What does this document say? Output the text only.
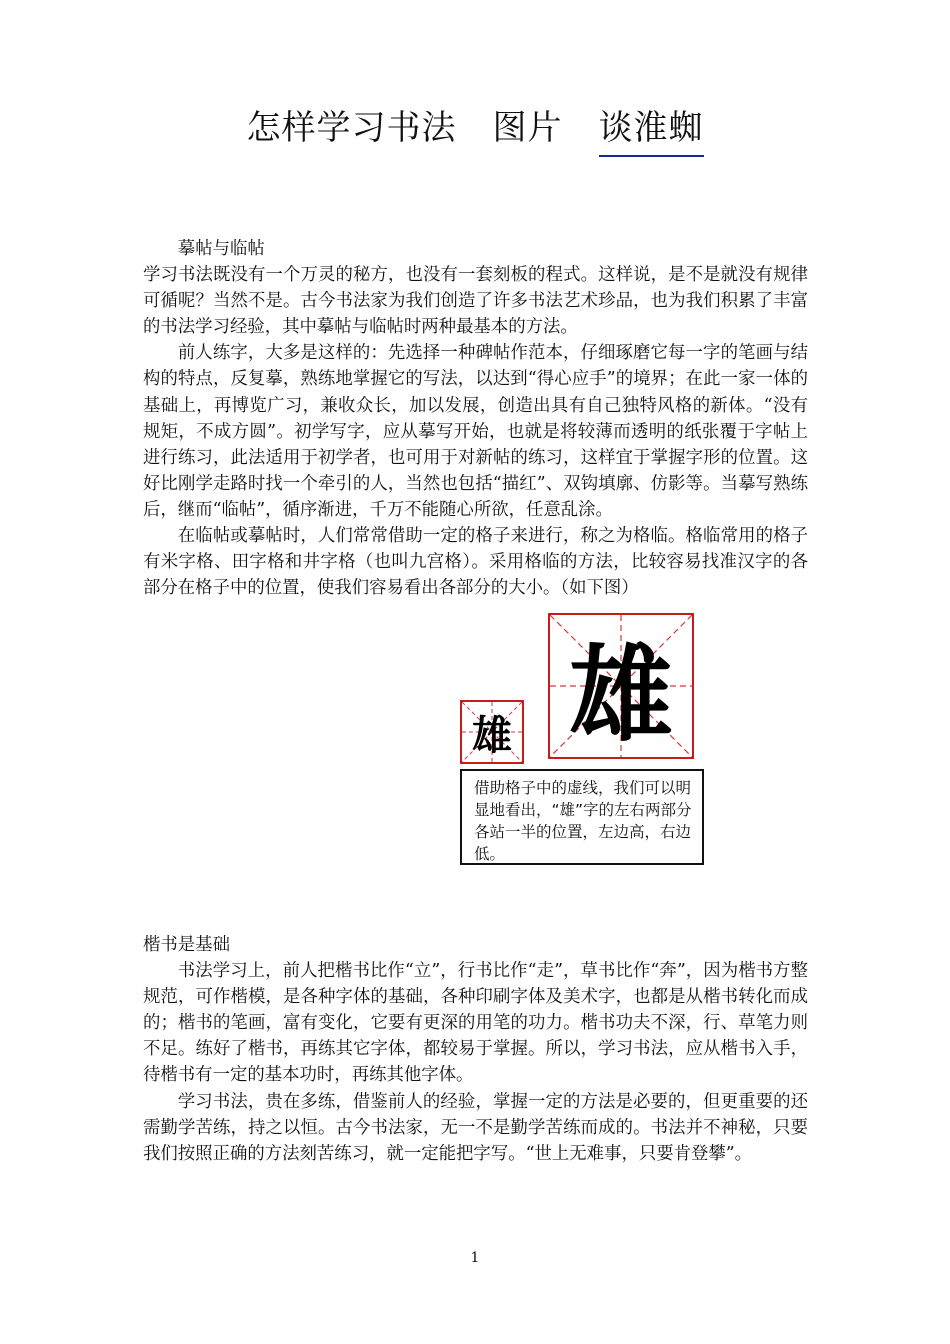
怎样学习书法 图片 谈淮蜘

摹帖与临帖

学习书法既没有一个万灵的秘方，也没有一套刻板的程式。这样说，是不是就没有规律可循呢？当然不是。古今书法家为我们创造了许多书法艺术珍品，也为我们积累了丰富的书法学习经验，其中摹帖与临帖时两种最基本的方法。

前人练字，大多是这样的：先选择一种碑帖作范本，仔细琢磨它每一字的笔画与结构的特点，反复摹，熟练地掌握它的写法，以达到“得心应手”的境界；在此一家一体的基础上，再博览广习，兼收众长，加以发展，创造出具有自己独特风格的新体。“没有规矩，不成方圆”。初学写字，应从摹写开始，也就是将较薄而透明的纸张覆于字帖上进行练习，此法适用于初学者，也可用于对新帖的练习，这样宜于掌握字形的位置。这好比刚学走路时找一个牵引的人，当然也包括“描红”、双钩填廓、仿影等。当摹写熟练后，继而“临帖”，循序渐进，千万不能随心所欲，任意乱涂。

在临帖或摹帖时，人们常常借助一定的格子来进行，称之为格临。格临常用的格子有米字格、田字格和井字格（也叫九宫格）。采用格临的方法，比较容易找准汉字的各部分在格子中的位置，使我们容易看出各部分的大小。（如下图）

雄
雄
借助格子中的虚线，我们可以明显地看出，“雄”字的左右两部分各站一半的位置，左边高，右边低。

楷书是基础

书法学习上，前人把楷书比作“立”，行书比作“走”，草书比作“奔”，因为楷书方整规范，可作楷模，是各种字体的基础，各种印刷字体及美术字，也都是从楷书转化而成的；楷书的笔画，富有变化，它要有更深的用笔的功力。楷书功夫不深，行、草笔力则不足。练好了楷书，再练其它字体，都较易于掌握。所以，学习书法，应从楷书入手，待楷书有一定的基本功时，再练其他字体。

学习书法，贵在多练，借鉴前人的经验，掌握一定的方法是必要的，但更重要的还需勤学苦练，持之以恒。古今书法家，无一不是勤学苦练而成的。书法并不神秘，只要我们按照正确的方法刻苦练习，就一定能把字写。“世上无难事，只要肯登攀”。

1
